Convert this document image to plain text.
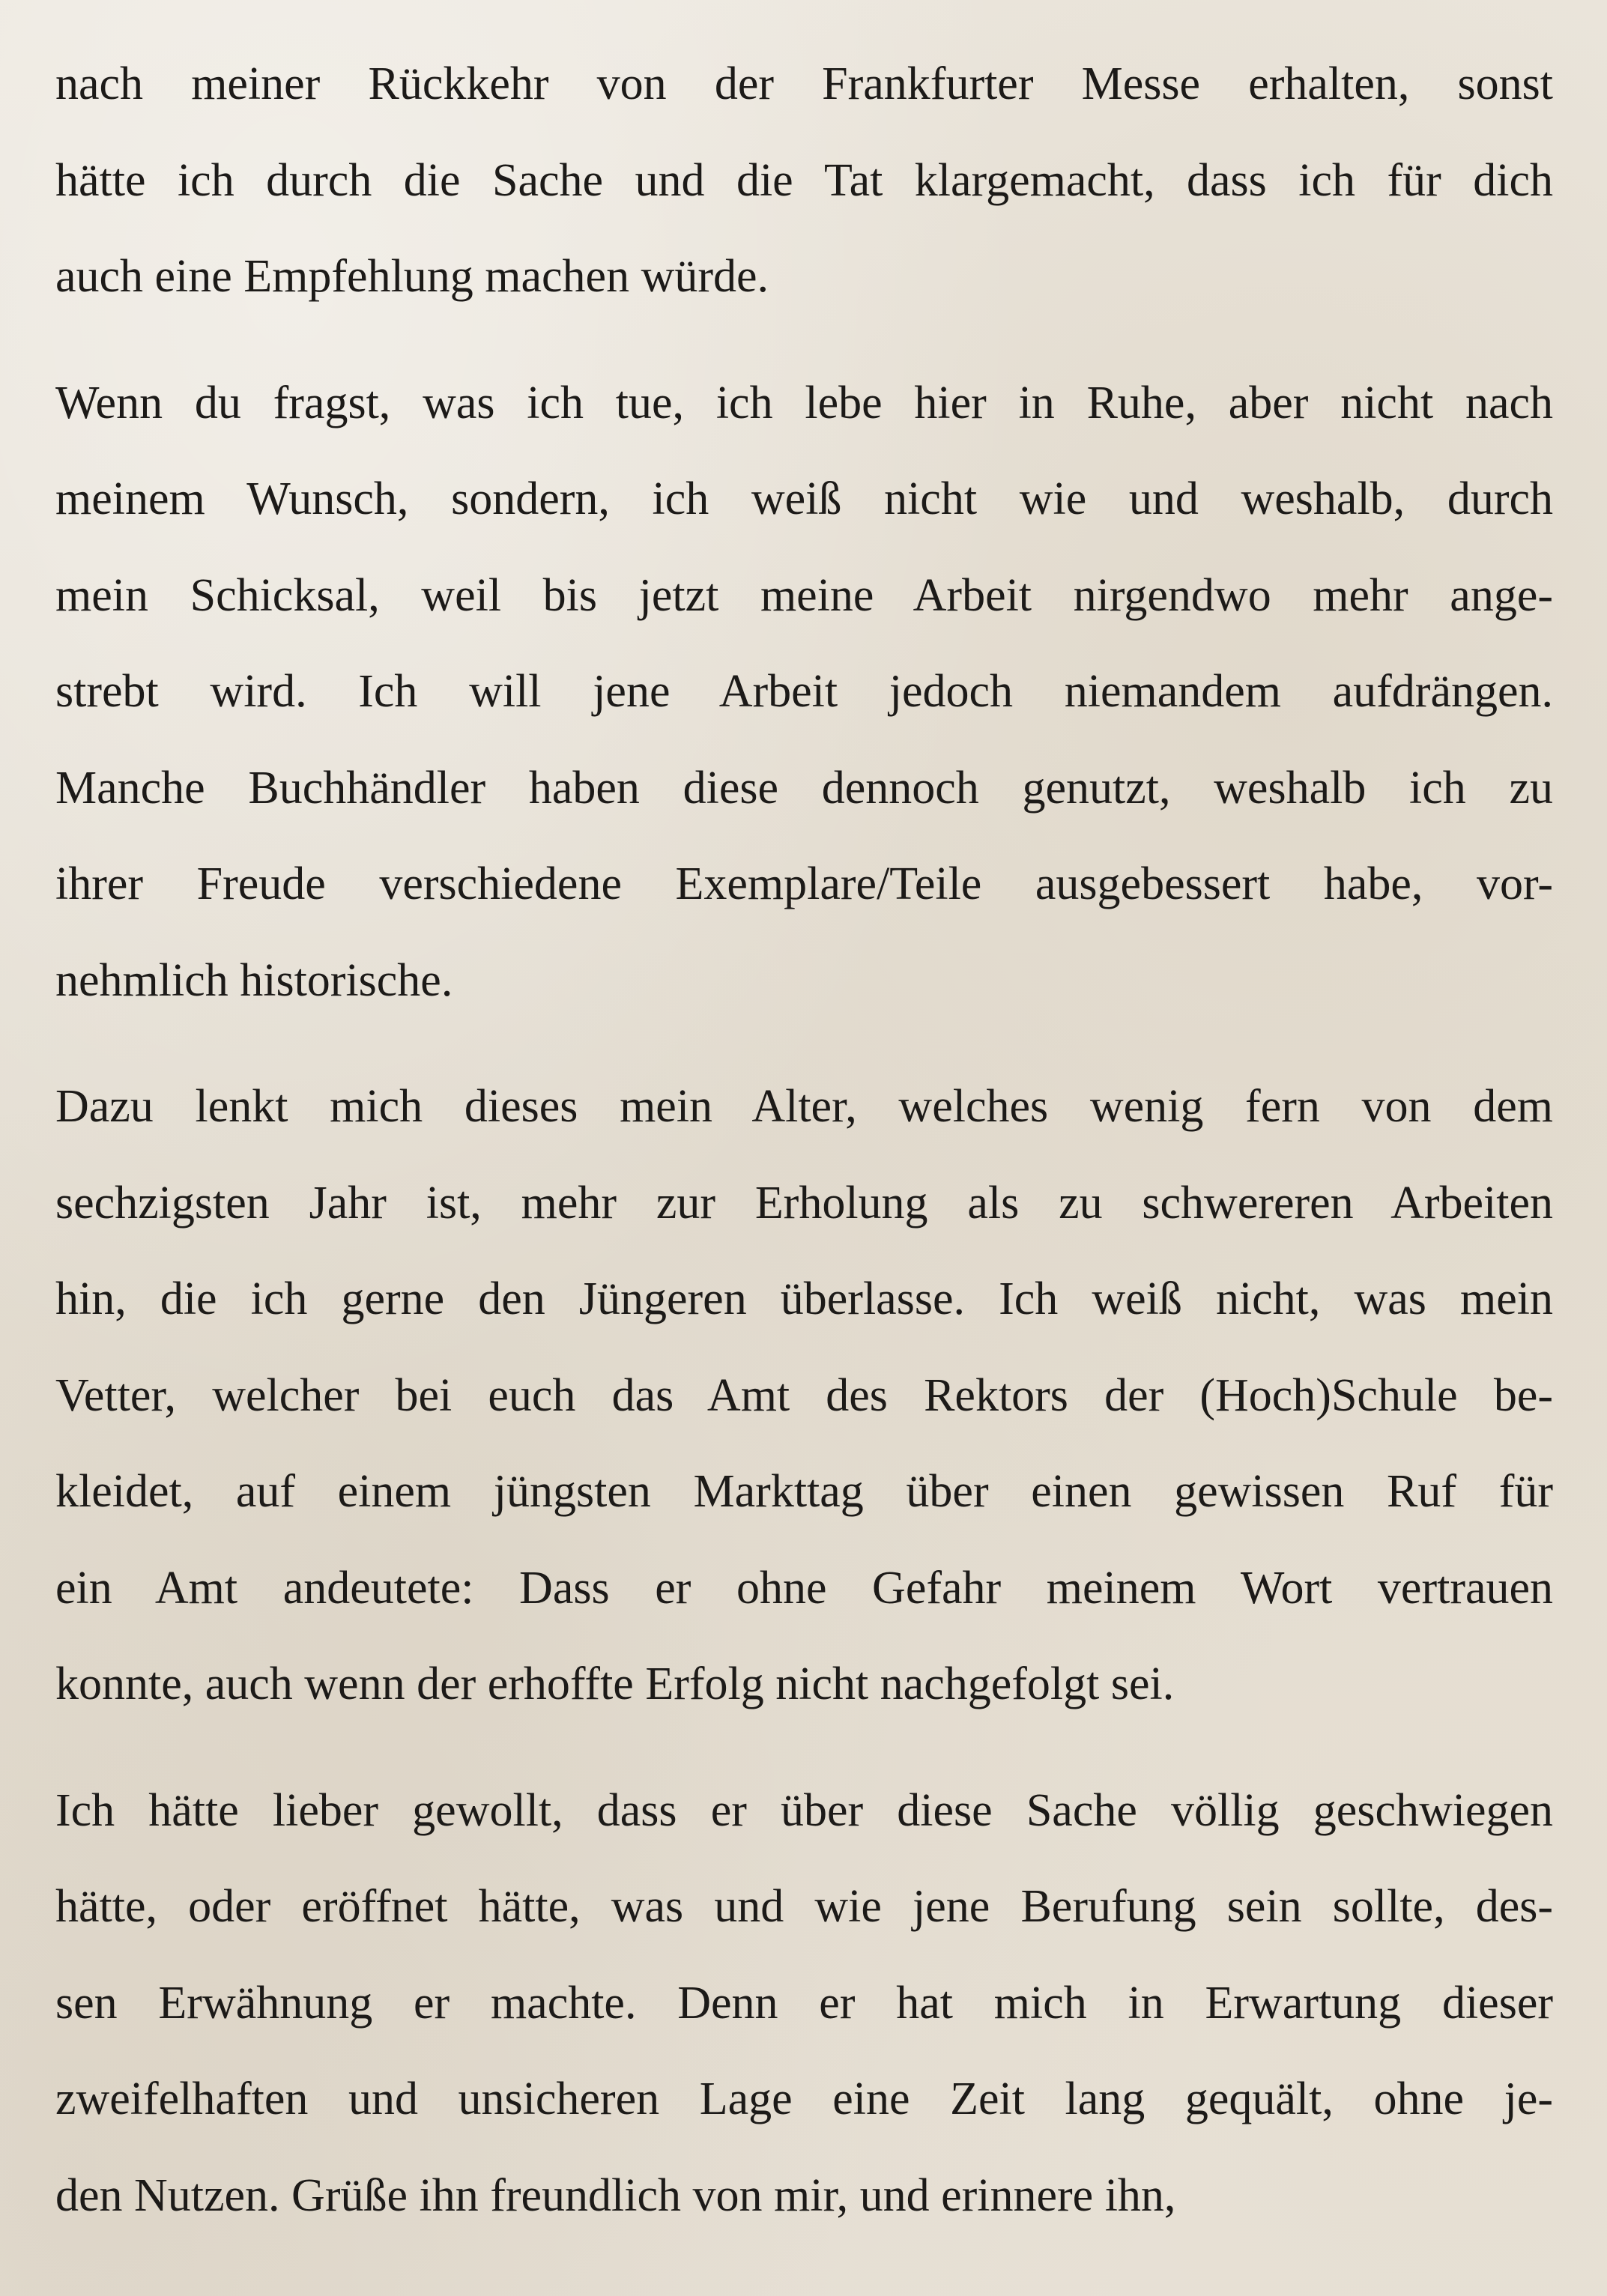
nach meiner Rückkehr von der Frankfurter Messe erhalten, sonst
hätte ich durch die Sache und die Tat klargemacht, dass ich für dich
auch eine Empfehlung machen würde.
Wenn du fragst, was ich tue, ich lebe hier in Ruhe, aber nicht nach
meinem Wunsch, sondern, ich weiß nicht wie und weshalb, durch
mein Schicksal, weil bis jetzt meine Arbeit nirgendwo mehr ange-
strebt wird. Ich will jene Arbeit jedoch niemandem aufdrängen.
Manche Buchhändler haben diese dennoch genutzt, weshalb ich zu
ihrer Freude verschiedene Exemplare/Teile ausgebessert habe, vor-
nehmlich historische.
Dazu lenkt mich dieses mein Alter, welches wenig fern von dem
sechzigsten Jahr ist, mehr zur Erholung als zu schwereren Arbeiten
hin, die ich gerne den Jüngeren überlasse. Ich weiß nicht, was mein
Vetter, welcher bei euch das Amt des Rektors der (Hoch)Schule be-
kleidet, auf einem jüngsten Markttag über einen gewissen Ruf für
ein Amt andeutete: Dass er ohne Gefahr meinem Wort vertrauen
konnte, auch wenn der erhoffte Erfolg nicht nachgefolgt sei.
Ich hätte lieber gewollt, dass er über diese Sache völlig geschwiegen
hätte, oder eröffnet hätte, was und wie jene Berufung sein sollte, des-
sen Erwähnung er machte. Denn er hat mich in Erwartung dieser
zweifelhaften und unsicheren Lage eine Zeit lang gequält, ohne je-
den Nutzen. Grüße ihn freundlich von mir, und erinnere ihn,
